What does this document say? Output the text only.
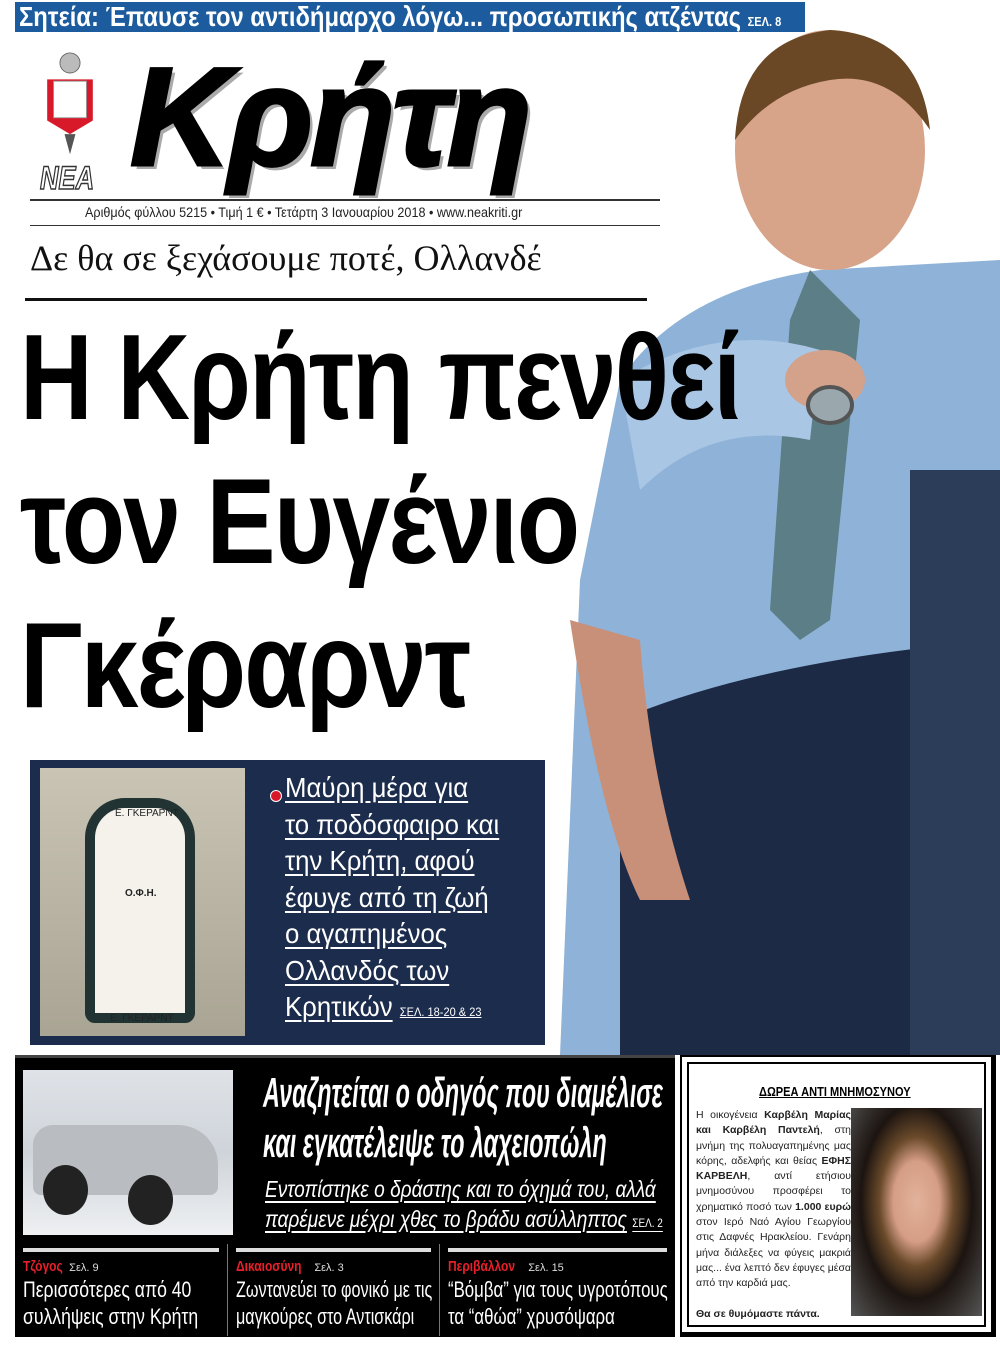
Σητεία: Έπαυσε τον αντιδήμαρχο λόγω... προσωπικής ατζέντας ΣΕΛ. 8
ΝΕΑ Κρήτη
Αριθμός φύλλου 5215 • Τιμή 1 € • Τετάρτη 3 Ιανουαρίου 2018 • www.neakriti.gr
Δε θα σε ξεχάσουμε ποτέ, Ολλανδέ
Η Κρήτη πενθεί
τον Ευγένιο
Γκέραρντ
Ε. ΓΚΕΡΑΡΝΤ
Ο.Φ.Η.
Ε. ΓΚΕΡΑΡΝΤ
Μαύρη μέρα για
το ποδόσφαιρο και
την Κρήτη, αφού
έφυγε από τη ζωή
ο αγαπημένος
Ολλανδός των
Κρητικών ΣΕΛ. 18-20 & 23
Αναζητείται ο οδηγός που διαμέλισε
και εγκατέλειψε το λαχειοπώλη
Εντοπίστηκε ο δράστης και το όχημά του, αλλά
παρέμενε μέχρι χθες το βράδυ ασύλληπτος ΣΕΛ. 2
Τζόγος Σελ. 9Περισσότερες από 40
συλλήψεις στην Κρήτη
Δικαιοσύνη Σελ. 3Ζωντανεύει το φονικό με τις
μαγκούρες στο Αντισκάρι
Περιβάλλον Σελ. 15“Βόμβα” για τους υγροτόπους
τα “αθώα” χρυσόψαρα
ΔΩΡΕΑ ΑΝΤΙ ΜΝΗΜΟΣΥΝΟΥ
Η οικογένεια Καρβέλη Μαρίας και Καρβέλη Παντελή, στη μνήμη της πολυαγαπημένης μας κόρης, αδελφής και θείας ΕΦΗΣ ΚΑΡΒΕΛΗ, αντί ετήσιου μνημοσύνου προσφέρει το χρηματικό ποσό των 1.000 ευρώ στον Ιερό Ναό Αγίου Γεωργίου στις Δαφνές Ηρακλείου. Γενάρη μήνα διάλεξες να φύγεις μακριά μας... ένα λεπτό δεν έφυγες μέσα από την καρδιά μας.

Θα σε θυμόμαστε πάντα.
